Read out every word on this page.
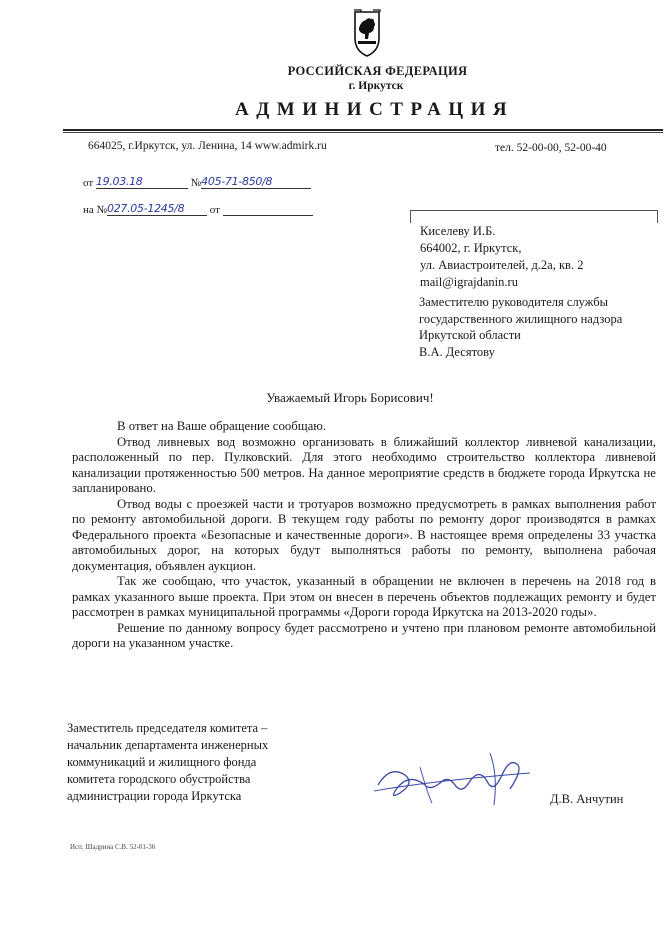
РОССИЙСКАЯ ФЕДЕРАЦИЯ
г. Иркутск
АДМИНИСТРАЦИЯ
664025, г.Иркутск, ул. Ленина, 14 www.admirk.ru	тел. 52-00-00, 52-00-40
от 19.03.18	№405-71-850/8
на №027.05-1245/8 от
Киселеву И.Б.
664002, г. Иркутск,
ул. Авиастроителей, д.2а, кв. 2
mail@igrajdanin.ru
Заместителю руководителя службы
государственного жилищного надзора
Иркутской области
В.А. Десятову
Уважаемый Игорь Борисович!

В ответ на Ваше обращение сообщаю.

Отвод ливневых вод возможно организовать в ближайший коллектор ливневой канализации, расположенный по пер. Пулковский. Для этого необходимо строительство коллектора ливневой канализации протяженностью 500 метров. На данное мероприятие средств в бюджете города Иркутска не запланировано.

Отвод воды с проезжей части и тротуаров возможно предусмотреть в рамках выполнения работ по ремонту автомобильной дороги. В текущем году работы по ремонту дорог производятся в рамках Федерального проекта «Безопасные и качественные дороги». В настоящее время определены 33 участка автомобильных дорог, на которых будут выполняться работы по ремонту, выполнена рабочая документация, объявлен аукцион.

Так же сообщаю, что участок, указанный в обращении не включен в перечень на 2018 год в рамках указанного выше проекта. При этом он внесен в перечень объектов подлежащих ремонту и будет рассмотрен в рамках муниципальной программы «Дороги города Иркутска на 2013-2020 годы».

Решение по данному вопросу будет рассмотрено и учтено при плановом ремонте автомобильной дороги на указанном участке.

Заместитель председателя комитета –
начальник департамента инженерных
коммуникаций и жилищного фонда
комитета городского обустройства
администрации города Иркутска	Д.В. Анчутин
Исп. Шадрина С.В. 52-01-36
